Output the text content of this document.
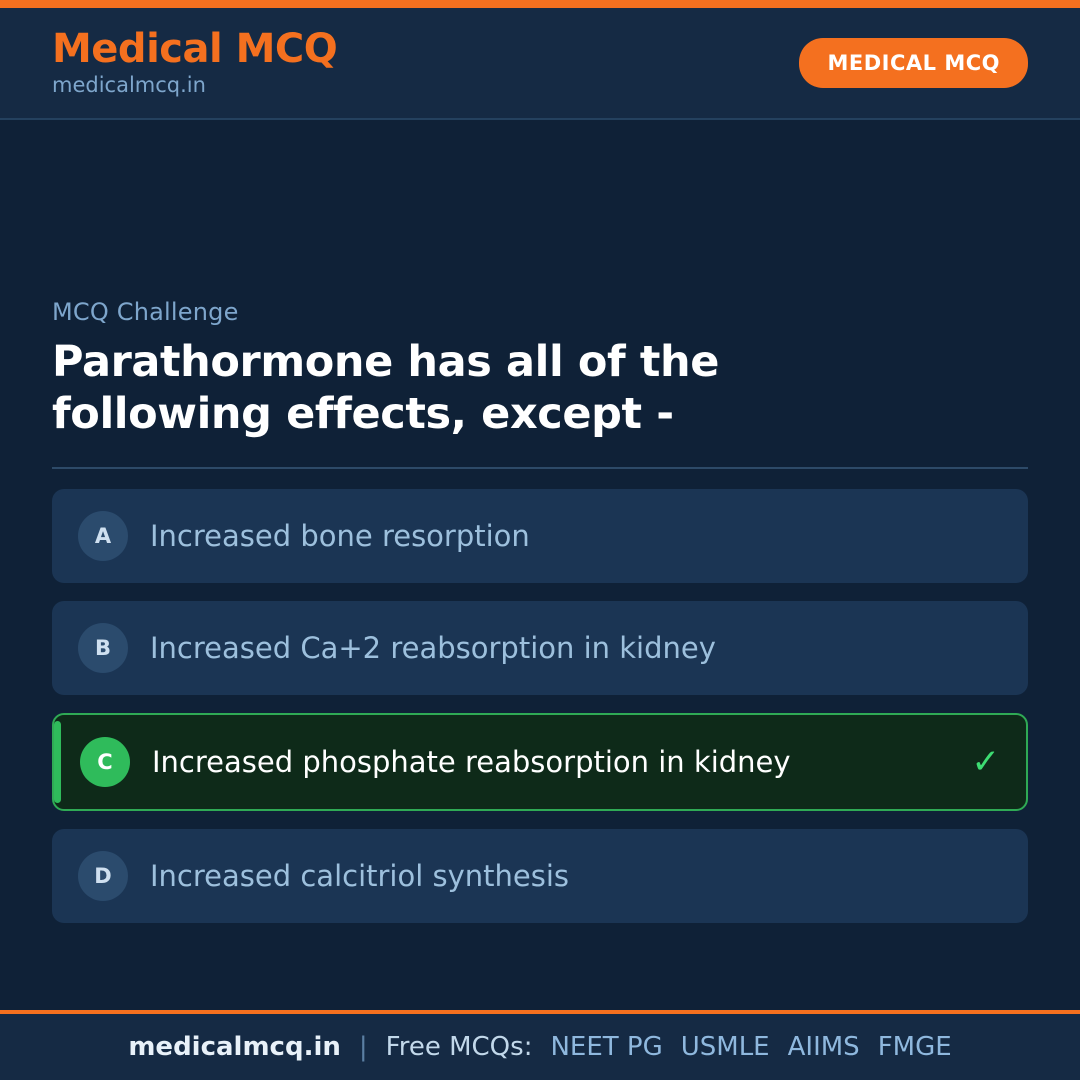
Medical MCQ
medicalmcq.in
MEDICAL MCQ
MCQ Challenge
Parathormone has all of the following effects, except -
A	Increased bone resorption
B	Increased Ca+2 reabsorption in kidney
C	Increased phosphate reabsorption in kidney	✓
D	Increased calcitriol synthesis
medicalmcq.in | Free MCQs: NEET PG USMLE AIIMS FMGE
